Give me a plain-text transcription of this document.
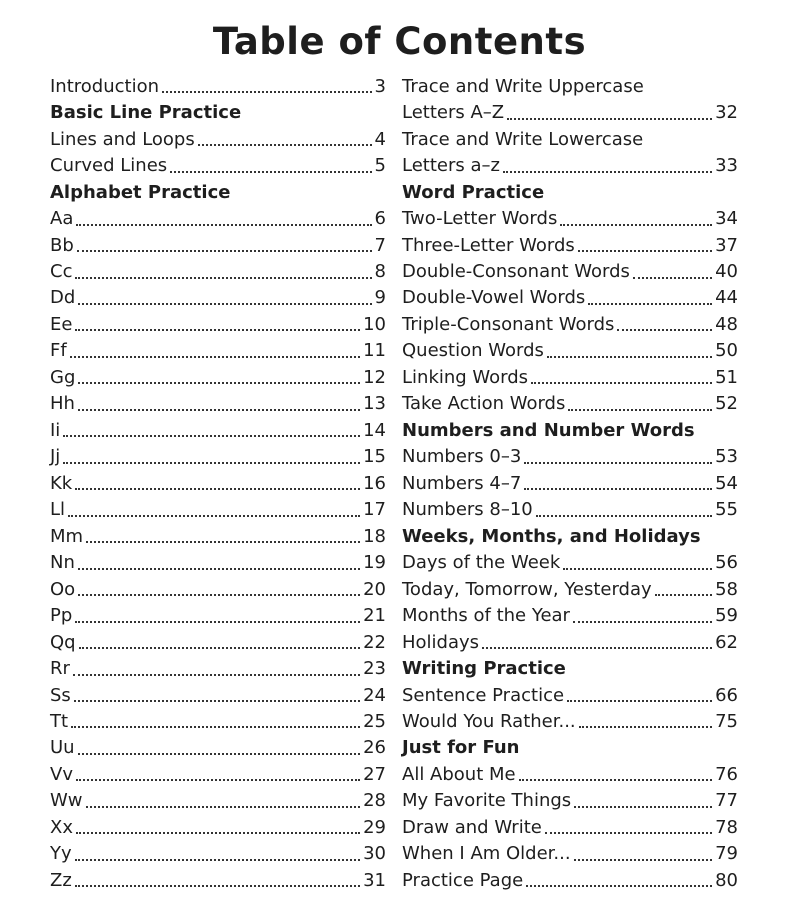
Table of Contents
Introduction	3
Basic Line Practice
Lines and Loops	4
Curved Lines	5
Alphabet Practice
Aa	6
Bb	7
Cc	8
Dd	9
Ee	10
Ff	11
Gg	12
Hh	13
Ii	14
Jj	15
Kk	16
Ll	17
Mm	18
Nn	19
Oo	20
Pp	21
Qq	22
Rr	23
Ss	24
Tt	25
Uu	26
Vv	27
Ww	28
Xx	29
Yy	30
Zz	31
Trace and Write Uppercase
Letters A–Z	32
Trace and Write Lowercase
Letters a–z	33
Word Practice
Two-Letter Words	34
Three-Letter Words	37
Double-Consonant Words	40
Double-Vowel Words	44
Triple-Consonant Words	48
Question Words	50
Linking Words	51
Take Action Words	52
Numbers and Number Words
Numbers 0–3	53
Numbers 4–7	54
Numbers 8–10	55
Weeks, Months, and Holidays
Days of the Week	56
Today, Tomorrow, Yesterday	58
Months of the Year	59
Holidays	62
Writing Practice
Sentence Practice	66
Would You Rather...	75
Just for Fun
All About Me	76
My Favorite Things	77
Draw and Write	78
When I Am Older...	79
Practice Page	80
